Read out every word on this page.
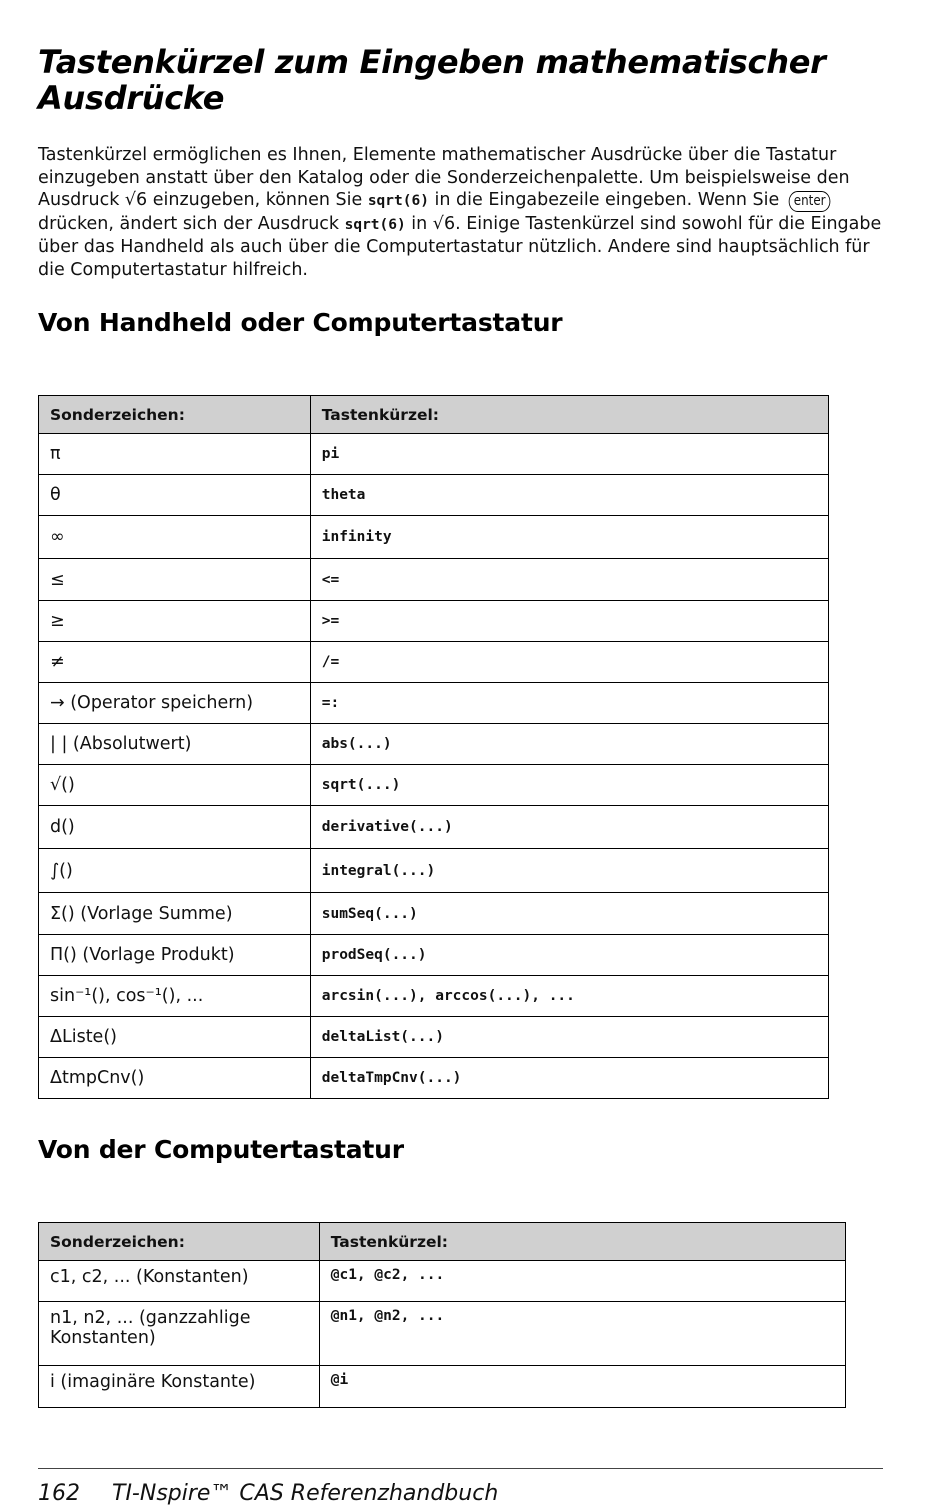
Tastenkürzel zum Eingeben mathematischer Ausdrücke

Tastenkürzel ermöglichen es Ihnen, Elemente mathematischer Ausdrücke über die Tastatur einzugeben anstatt über den Katalog oder die Sonderzeichenpalette. Um beispielsweise den Ausdruck √6 einzugeben, können Sie sqrt(6) in die Eingabezeile eingeben. Wenn Sie enter drücken, ändert sich der Ausdruck sqrt(6) in √6. Einige Tastenkürzel sind sowohl für die Eingabe über das Handheld als auch über die Computertastatur nützlich. Andere sind hauptsächlich für die Computertastatur hilfreich.

Von Handheld oder Computertastatur
Sonderzeichen:	Tastenkürzel:
π	pi
θ	theta
∞	infinity
≤	<=
≥	>=
≠	/=
→ (Operator speichern)	=:
| | (Absolutwert)	abs(...)
√()	sqrt(...)
d()	derivative(...)
∫()	integral(...)
Σ() (Vorlage Summe)	sumSeq(...)
Π() (Vorlage Produkt)	prodSeq(...)
sin⁻¹(), cos⁻¹(), ...	arcsin(...), arccos(...), ...
ΔListe()	deltaList(...)
ΔtmpCnv()	deltaTmpCnv(...)
Von der Computertastatur
Sonderzeichen:	Tastenkürzel:
c1, c2, ... (Konstanten)	@c1, @c2, ...
n1, n2, ... (ganzzahlige Konstanten)	@n1, @n2, ...
i (imaginäre Konstante)	@i
162 TI-Nspire™ CAS Referenzhandbuch
